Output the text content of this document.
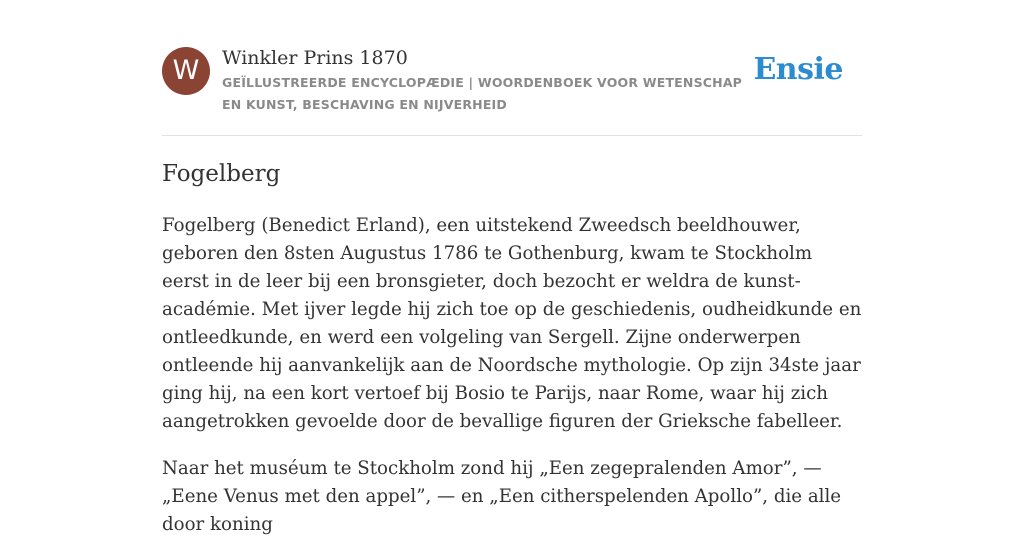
W	Winkler Prins 1870
GEÏLLUSTREERDE ENCYCLOPÆDIE | WOORDENBOEK VOOR WETENSCHAP EN KUNST, BESCHAVING EN NIJVERHEID
Ensie
Fogelberg

Fogelberg (Benedict Erland), een uitstekend Zweedsch beeldhouwer, geboren den 8sten Augustus 1786 te Gothenburg, kwam te Stockholm eerst in de leer bij een bronsgieter, doch bezocht er weldra de kunst-académie. Met ijver legde hij zich toe op de geschiedenis, oudheidkunde en ontleedkunde, en werd een volgeling van Sergell. Zijne onderwerpen ontleende hij aanvankelijk aan de Noordsche mythologie. Op zijn 34ste jaar ging hij, na een kort vertoef bij Bosio te Parijs, naar Rome, waar hij zich aangetrokken gevoelde door de bevallige figuren der Grieksche fabelleer.

Naar het muséum te Stockholm zond hij „Een zegepralenden Amor”, — „Eene Venus met den appel”, — en „Een citherspelenden Apollo”, die alle door koning
